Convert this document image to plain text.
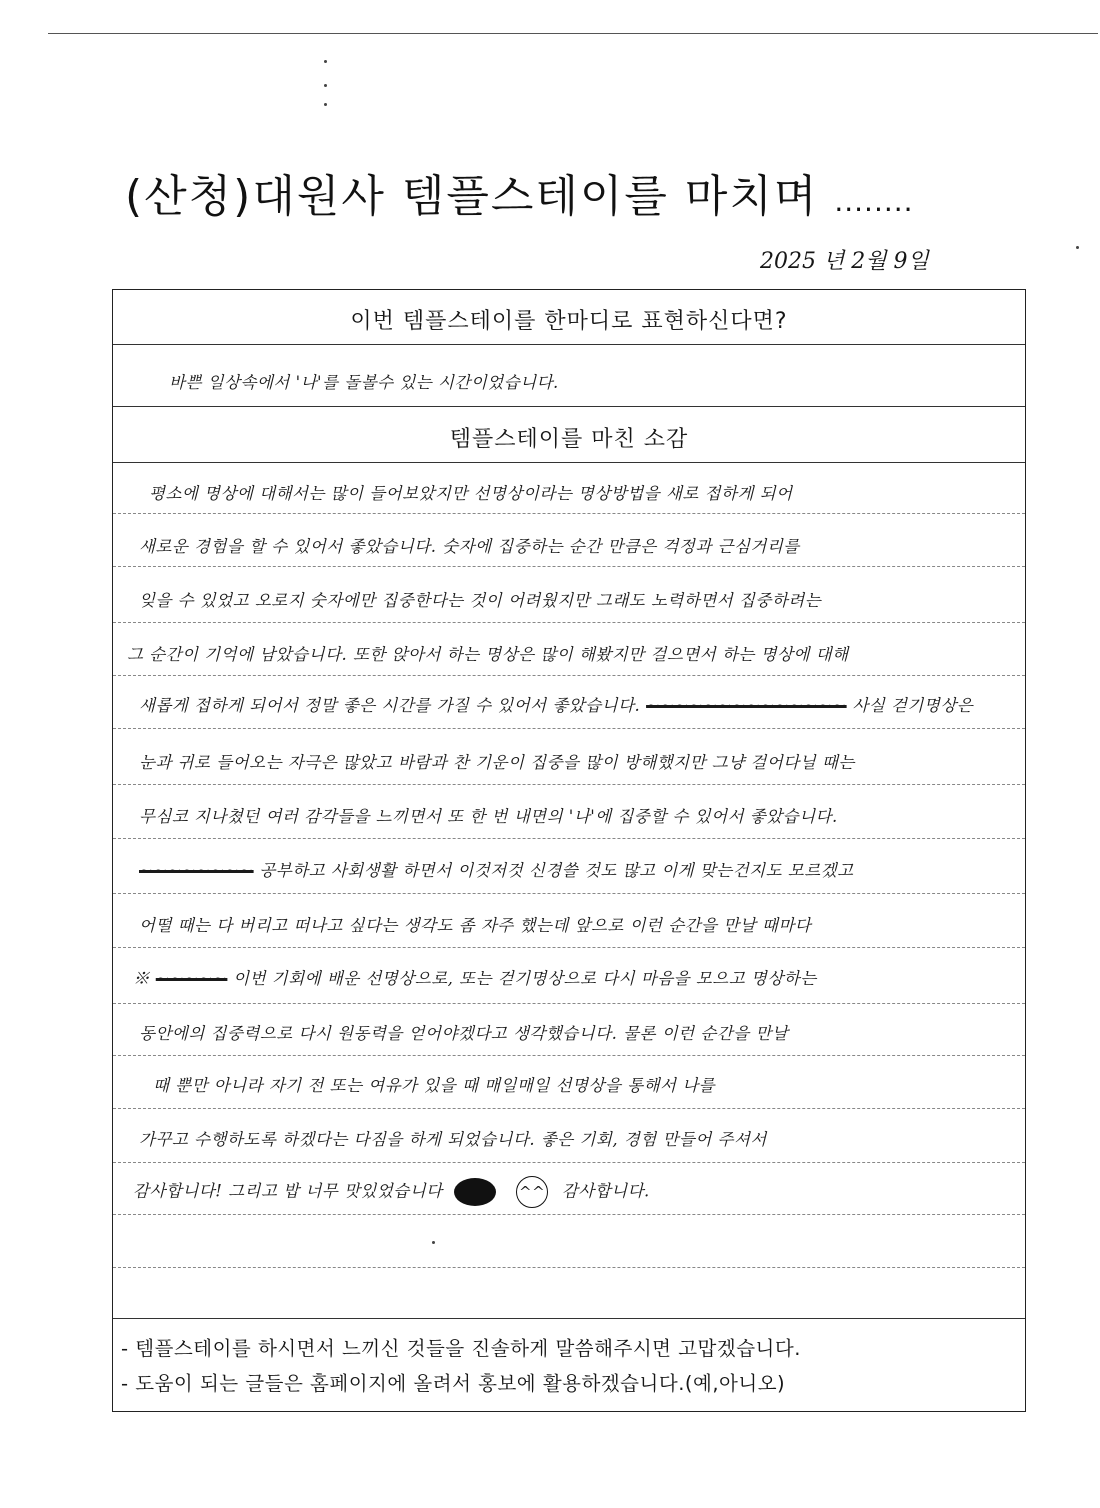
(산청)대원사 템플스테이를 마치며 ........
2025 년 2월 9일
이번 템플스테이를 한마디로 표현하신다면?
바쁜 일상속에서 '나'를 돌볼수 있는 시간이었습니다.
템플스테이를 마친 소감
평소에 명상에 대해서는 많이 들어보았지만 선명상이라는 명상방법을 새로 접하게 되어
새로운 경험을 할 수 있어서 좋았습니다. 숫자에 집중하는 순간 만큼은 걱정과 근심거리를
잊을 수 있었고 오로지 숫자에만 집중한다는 것이 어려웠지만 그래도 노력하면서 집중하려는
그 순간이 기억에 남았습니다. 또한 앉아서 하는 명상은 많이 해봤지만 걸으면서 하는 명상에 대해
새롭게 접하게 되어서 정말 좋은 시간를 가질 수 있어서 좋았습니다. ~~~~~~~~~~~~~~ 사실 걷기명상은
눈과 귀로 들어오는 자극은 많았고 바람과 찬 기운이 집중을 많이 방해했지만 그냥 걸어다닐 때는
무심코 지나쳤던 여러 감각들을 느끼면서 또 한 번 내면의 '나'에 집중할 수 있어서 좋았습니다.
~~~~~~~~ 공부하고 사회생활 하면서 이것저것 신경쓸 것도 많고 이게 맞는건지도 모르겠고
어떨 때는 다 버리고 떠나고 싶다는 생각도 좀 자주 했는데 앞으로 이런 순간을 만날 때마다
※ ~~~~~ 이번 기회에 배운 선명상으로, 또는 걷기명상으로 다시 마음을 모으고 명상하는
동안에의 집중력으로 다시 원동력을 얻어야겠다고 생각했습니다. 물론 이런 순간을 만날
때 뿐만 아니라 자기 전 또는 여유가 있을 때 매일매일 선명상을 통해서 나를
가꾸고 수행하도록 하겠다는 다짐을 하게 되었습니다. 좋은 기회, 경험 만들어 주셔서
감사합니다! 그리고 밥 너무 맛있었습니다	^^ 감사합니다.
- 템플스테이를 하시면서 느끼신 것들을 진솔하게 말씀해주시면 고맙겠습니다.
- 도움이 되는 글들은 홈페이지에 올려서 홍보에 활용하겠습니다.(예,아니오)
